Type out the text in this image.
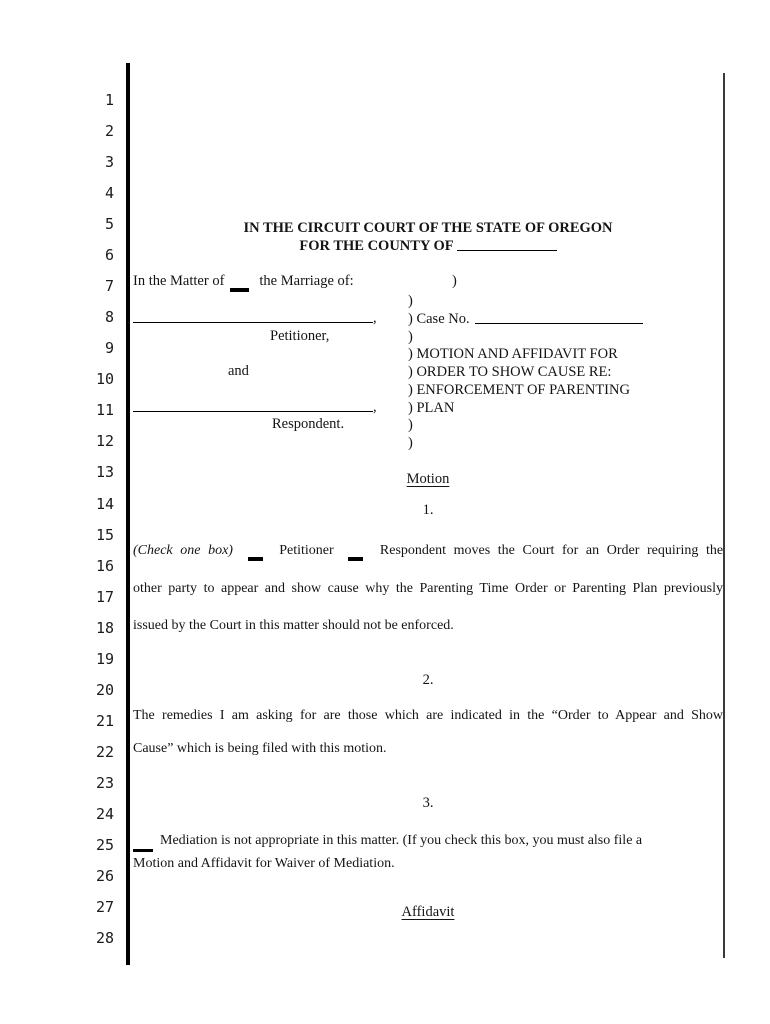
1
2
3
4
5
6
7
8
9
10
11
12
13
14
15
16
17
18
19
20
21
22
23
24
25
26
27
28
IN THE CIRCUIT COURT OF THE STATE OF OREGON
FOR THE COUNTY OF
In the Matter of the Marriage of:	)
,
Petitioner,
and
,
Respondent.
)
) Case No.
)
) MOTION AND AFFIDAVIT FOR
) ORDER TO SHOW CAUSE RE:
) ENFORCEMENT OF PARENTING
) PLAN
)
)
Motion
1.
(Check one box)	Petitioner	Respondent moves the Court for an Order requiring the
other party to appear and show cause why the Parenting Time Order or Parenting Plan previously
issued by the Court in this matter should not be enforced.
2.
The remedies I am asking for are those which are indicated in the “Order to Appear and Show
Cause” which is being filed with this motion.
3.
Mediation is not appropriate in this matter. (If you check this box, you must also file a
Motion and Affidavit for Waiver of Mediation.
Affidavit
